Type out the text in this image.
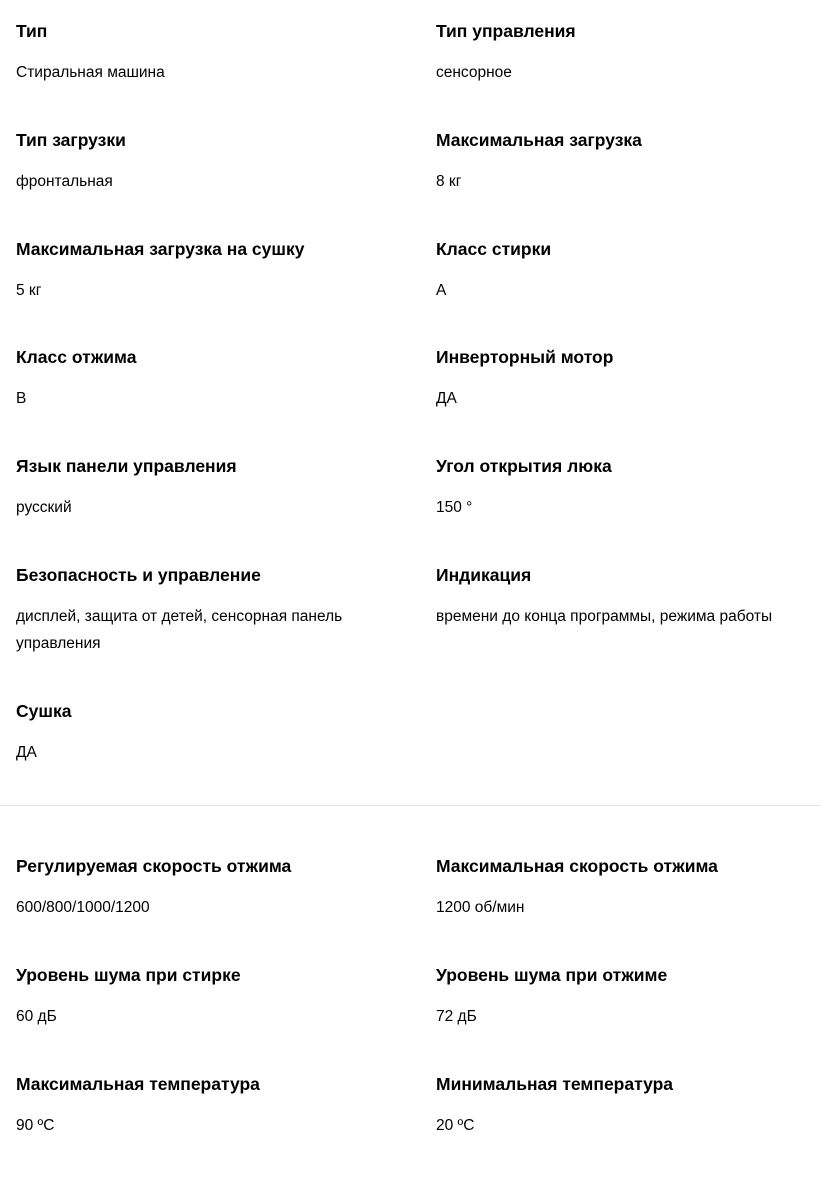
Тип
Стиральная машина
Тип управления
сенсорное
Тип загрузки
фронтальная
Максимальная загрузка
8 кг
Максимальная загрузка на сушку
5 кг
Класс стирки
A
Класс отжима
B
Инверторный мотор
ДА
Язык панели управления
русский
Угол открытия люка
150 °
Безопасность и управление
дисплей, защита от детей, сенсорная панель управления
Индикация
времени до конца программы, режима работы
Сушка
ДА
Регулируемая скорость отжима
600/800/1000/1200
Максимальная скорость отжима
1200 об/мин
Уровень шума при стирке
60 дБ
Уровень шума при отжиме
72 дБ
Максимальная температура
90 ºC
Минимальная температура
20 ºC
